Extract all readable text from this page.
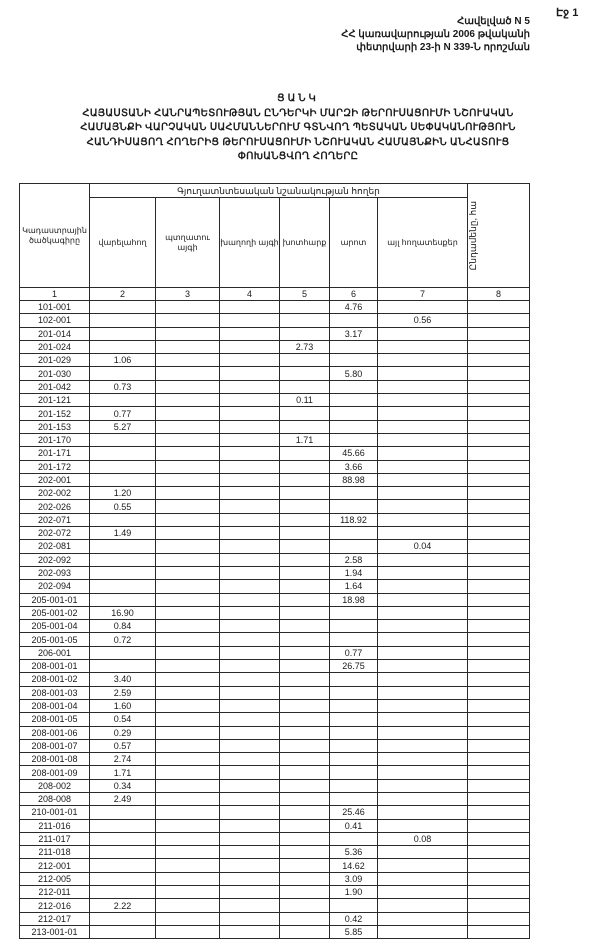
Էջ 1
Հավելված N 5
ՀՀ կառավարության 2006 թվականի
փետրվարի 23-ի N 339-Ն որոշման
ՑԱՆԿ
ՀԱՅԱՍՏԱՆԻ ՀԱՆՐԱՊԵՏՈՒԹՅԱՆ ԸՆԴԵՐԿԻ ՄԱՐԶԻ ԹԵՐՈՒՍԱՑՈՒՄԻ ՆՇՈՒԱԿԱՆ
ՀԱՄԱՅՆՔԻ ՎԱՐՉԱԿԱՆ ՍԱՀՄԱՆՆԵՐՈՒՄ ԳՏՆՎՈՂ ՊԵՏԱԿԱՆ ՍԵՓԱԿԱՆՈՒԹՅՈՒՆ
ՀԱՆԴԻՍԱՑՈՂ ՀՈՂԵՐԻՑ ԹԵՐՈՒՍԱՑՈՒՄԻ ՆՇՈՒԱԿԱՆ ՀԱՄԱՅՆՔԻՆ ԱՆՀԱՏՈՒՑ
ՓՈԽԱՆՑՎՈՂ ՀՈՂԵՐԸ
Կադաստրային ծածկագիրը	Գյուղատնտեսական նշանակության հողեր						Ընդամենը, հա

	վարելահող	պտղատու այգի	խաղողի այգի	խոտհարք	արոտ	այլ հողատեսքեր	
1	2	3	4	5	6	7	8
101-001					4.76		
102-001						0.56	
201-014					3.17		
201-024				2.73			
201-029	1.06						
201-030					5.80		
201-042	0.73						
201-121				0.11			
201-152	0.77						
201-153	5.27						
201-170				1.71			
201-171					45.66		
201-172					3.66		
202-001					88.98		
202-002	1.20						
202-026	0.55						
202-071					118.92		
202-072	1.49						
202-081						0.04	
202-092					2.58		
202-093					1.94		
202-094					1.64		
205-001-01					18.98		
205-001-02	16.90						
205-001-04	0.84						
205-001-05	0.72						
206-001					0.77		
208-001-01					26.75		
208-001-02	3.40						
208-001-03	2.59						
208-001-04	1.60						
208-001-05	0.54						
208-001-06	0.29						
208-001-07	0.57						
208-001-08	2.74						
208-001-09	1.71						
208-002	0.34						
208-008	2.49						
210-001-01					25.46		
211-016					0.41		
211-017						0.08	
211-018					5.36		
212-001					14.62		
212-005					3.09		
212-011					1.90		
212-016	2.22						
212-017					0.42		
213-001-01					5.85		
